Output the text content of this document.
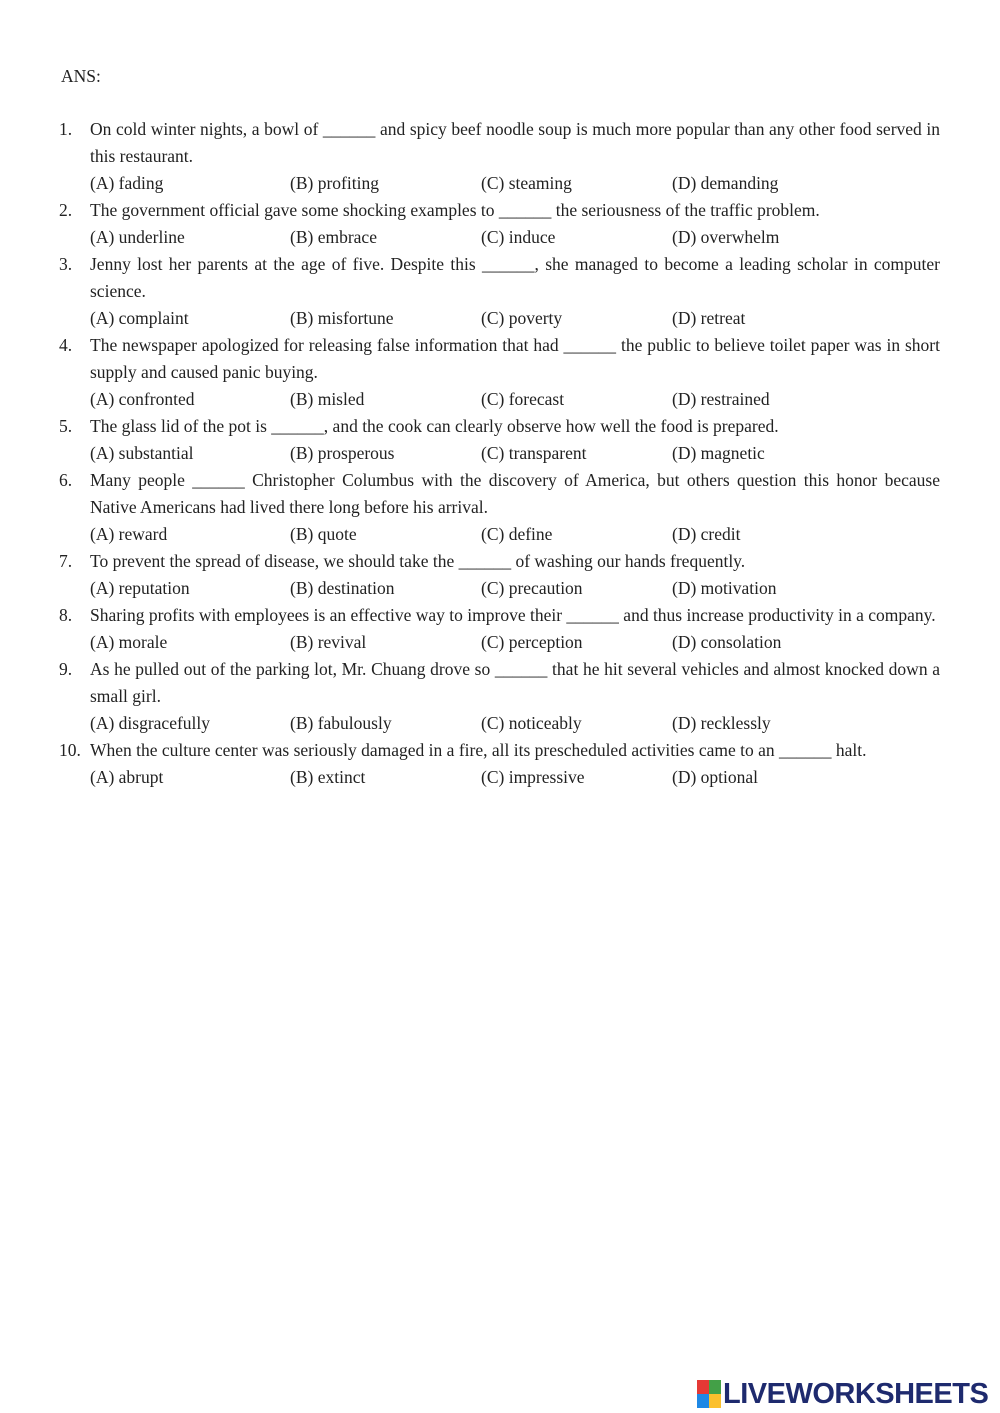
ANS:
1.	On cold winter nights, a bowl of ______ and spicy beef noodle soup is much more popular than any other food served in this restaurant.
(A) fading	(B) profiting	(C) steaming	(D) demanding
2.	The government official gave some shocking examples to ______ the seriousness of the traffic problem.
(A) underline	(B) embrace	(C) induce	(D) overwhelm
3.	Jenny lost her parents at the age of five. Despite this ______, she managed to become a leading scholar in computer science.
(A) complaint	(B) misfortune	(C) poverty	(D) retreat
4.	The newspaper apologized for releasing false information that had ______ the public to believe toilet paper was in short supply and caused panic buying.
(A) confronted	(B) misled	(C) forecast	(D) restrained
5.	The glass lid of the pot is ______, and the cook can clearly observe how well the food is prepared.
(A) substantial	(B) prosperous	(C) transparent	(D) magnetic
6.	Many people ______ Christopher Columbus with the discovery of America, but others question this honor because Native Americans had lived there long before his arrival.
(A) reward	(B) quote	(C) define	(D) credit
7.	To prevent the spread of disease, we should take the ______ of washing our hands frequently.
(A) reputation	(B) destination	(C) precaution	(D) motivation
8.	Sharing profits with employees is an effective way to improve their ______ and thus increase productivity in a company.
(A) morale	(B) revival	(C) perception	(D) consolation
9.	As he pulled out of the parking lot, Mr. Chuang drove so ______ that he hit several vehicles and almost knocked down a small girl.
(A) disgracefully	(B) fabulously	(C) noticeably	(D) recklessly
10. When the culture center was seriously damaged in a fire, all its prescheduled activities came to an ______ halt.
(A) abrupt	(B) extinct	(C) impressive	(D) optional
LIVEWORKSHEETS
